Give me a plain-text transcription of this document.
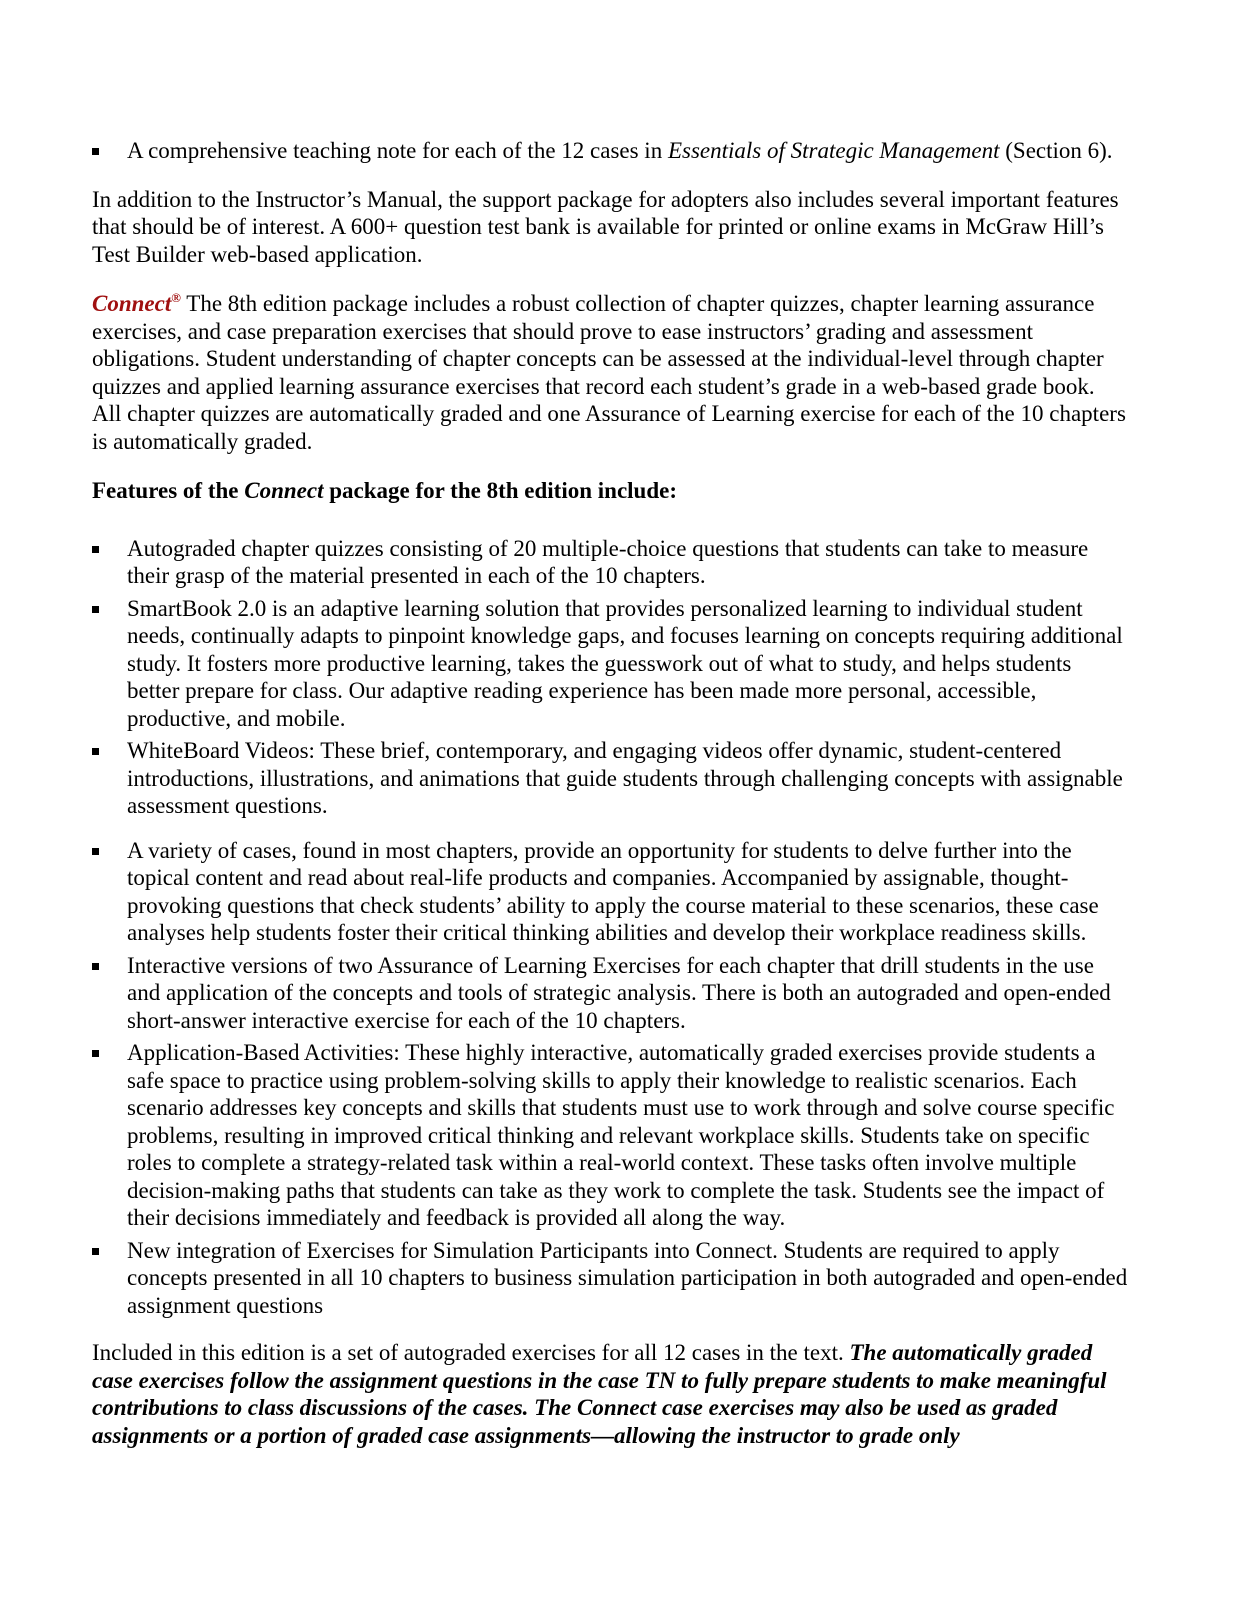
A comprehensive teaching note for each of the 12 cases in Essentials of Strategic Management (Section 6).

In addition to the Instructor’s Manual, the support package for adopters also includes several important features that should be of interest. A 600+ question test bank is available for printed or online exams in McGraw Hill’s Test Builder web-based application.

Connect® The 8th edition package includes a robust collection of chapter quizzes, chapter learning assurance exercises, and case preparation exercises that should prove to ease instructors’ grading and assessment obligations. Student understanding of chapter concepts can be assessed at the individual-level through chapter quizzes and applied learning assurance exercises that record each student’s grade in a web-based grade book. All chapter quizzes are automatically graded and one Assurance of Learning exercise for each of the 10 chapters is automatically graded.

Features of the Connect package for the 8th edition include:

Autograded chapter quizzes consisting of 20 multiple-choice questions that students can take to measure their grasp of the material presented in each of the 10 chapters.
SmartBook 2.0 is an adaptive learning solution that provides personalized learning to individual student needs, continually adapts to pinpoint knowledge gaps, and focuses learning on concepts requiring additional study. It fosters more productive learning, takes the guesswork out of what to study, and helps students better prepare for class. Our adaptive reading experience has been made more personal, accessible, productive, and mobile.
WhiteBoard Videos: These brief, contemporary, and engaging videos offer dynamic, student-centered introductions, illustrations, and animations that guide students through challenging concepts with assignable assessment questions.
A variety of cases, found in most chapters, provide an opportunity for students to delve further into the topical content and read about real-life products and companies. Accompanied by assignable, thought-provoking questions that check students’ ability to apply the course material to these scenarios, these case analyses help students foster their critical thinking abilities and develop their workplace readiness skills.
Interactive versions of two Assurance of Learning Exercises for each chapter that drill students in the use and application of the concepts and tools of strategic analysis. There is both an autograded and open-ended short-answer interactive exercise for each of the 10 chapters.
Application-Based Activities: These highly interactive, automatically graded exercises provide students a safe space to practice using problem-solving skills to apply their knowledge to realistic scenarios. Each scenario addresses key concepts and skills that students must use to work through and solve course specific problems, resulting in improved critical thinking and relevant workplace skills. Students take on specific roles to complete a strategy-related task within a real-world context. These tasks often involve multiple decision-making paths that students can take as they work to complete the task. Students see the impact of their decisions immediately and feedback is provided all along the way.
New integration of Exercises for Simulation Participants into Connect. Students are required to apply concepts presented in all 10 chapters to business simulation participation in both autograded and open-ended assignment questions

Included in this edition is a set of autograded exercises for all 12 cases in the text. The automatically graded case exercises follow the assignment questions in the case TN to fully prepare students to make meaningful contributions to class discussions of the cases. The Connect case exercises may also be used as graded assignments or a portion of graded case assignments—allowing the instructor to grade only
